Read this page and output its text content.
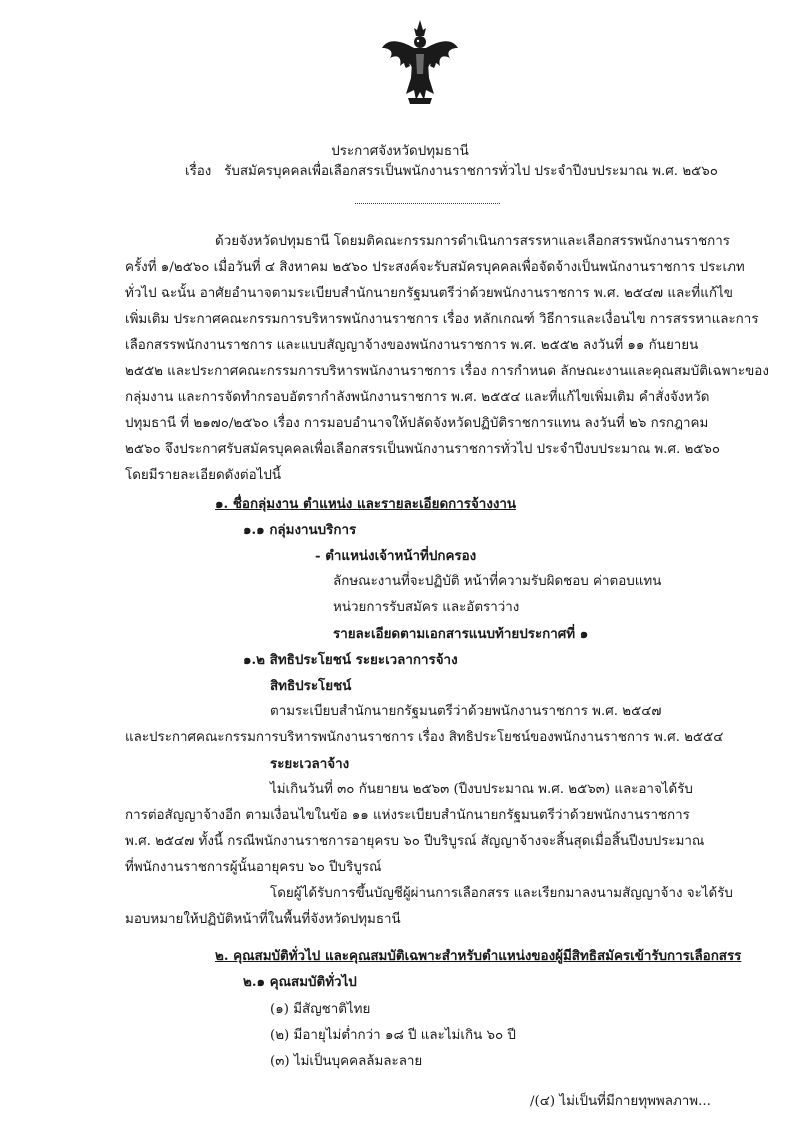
ประกาศจังหวัดปทุมธานี
เรื่อง รับสมัครบุคคลเพื่อเลือกสรรเป็นพนักงานราชการทั่วไป ประจำปีงบประมาณ พ.ศ. ๒๕๖๐
ด้วยจังหวัดปทุมธานี โดยมติคณะกรรมการดำเนินการสรรหาและเลือกสรรพนักงานราชการ
ครั้งที่ ๑/๒๕๖๐ เมื่อวันที่ ๔ สิงหาคม ๒๕๖๐ ประสงค์จะรับสมัครบุคคลเพื่อจัดจ้างเป็นพนักงานราชการ ประเภท
ทั่วไป ฉะนั้น อาศัยอำนาจตามระเบียบสำนักนายกรัฐมนตรีว่าด้วยพนักงานราชการ พ.ศ. ๒๕๔๗ และที่แก้ไข
เพิ่มเติม ประกาศคณะกรรมการบริหารพนักงานราชการ เรื่อง หลักเกณฑ์ วิธีการและเงื่อนไข การสรรหาและการ
เลือกสรรพนักงานราชการ และแบบสัญญาจ้างของพนักงานราชการ พ.ศ. ๒๕๕๒ ลงวันที่ ๑๑ กันยายน
๒๕๕๒ และประกาศคณะกรรมการบริหารพนักงานราชการ เรื่อง การกำหนด ลักษณะงานและคุณสมบัติเฉพาะของ
กลุ่มงาน และการจัดทำกรอบอัตรากำลังพนักงานราชการ พ.ศ. ๒๕๕๔ และที่แก้ไขเพิ่มเติม คำสั่งจังหวัด
ปทุมธานี ที่ ๒๑๗๐/๒๕๖๐ เรื่อง การมอบอำนาจให้ปลัดจังหวัดปฏิบัติราชการแทน ลงวันที่ ๒๖ กรกฎาคม
๒๕๖๐ จึงประกาศรับสมัครบุคคลเพื่อเลือกสรรเป็นพนักงานราชการทั่วไป ประจำปีงบประมาณ พ.ศ. ๒๕๖๐
โดยมีรายละเอียดดังต่อไปนี้
๑. ชื่อกลุ่มงาน ตำแหน่ง และรายละเอียดการจ้างงาน
๑.๑ กลุ่มงานบริการ
- ตำแหน่งเจ้าหน้าที่ปกครอง
ลักษณะงานที่จะปฏิบัติ หน้าที่ความรับผิดชอบ ค่าตอบแทน
หน่วยการรับสมัคร และอัตราว่าง
รายละเอียดตามเอกสารแนบท้ายประกาศที่ ๑
๑.๒ สิทธิประโยชน์ ระยะเวลาการจ้าง
สิทธิประโยชน์
ตามระเบียบสำนักนายกรัฐมนตรีว่าด้วยพนักงานราชการ พ.ศ. ๒๕๔๗
และประกาศคณะกรรมการบริหารพนักงานราชการ เรื่อง สิทธิประโยชน์ของพนักงานราชการ พ.ศ. ๒๕๕๔
ระยะเวลาจ้าง
ไม่เกินวันที่ ๓๐ กันยายน ๒๕๖๓ (ปีงบประมาณ พ.ศ. ๒๕๖๓) และอาจได้รับ
การต่อสัญญาจ้างอีก ตามเงื่อนไขในข้อ ๑๑ แห่งระเบียบสำนักนายกรัฐมนตรีว่าด้วยพนักงานราชการ
พ.ศ. ๒๕๔๗ ทั้งนี้ กรณีพนักงานราชการอายุครบ ๖๐ ปีบริบูรณ์ สัญญาจ้างจะสิ้นสุดเมื่อสิ้นปีงบประมาณ
ที่พนักงานราชการผู้นั้นอายุครบ ๖๐ ปีบริบูรณ์
โดยผู้ได้รับการขึ้นบัญชีผู้ผ่านการเลือกสรร และเรียกมาลงนามสัญญาจ้าง จะได้รับ
มอบหมายให้ปฏิบัติหน้าที่ในพื้นที่จังหวัดปทุมธานี
๒. คุณสมบัติทั่วไป และคุณสมบัติเฉพาะสำหรับตำแหน่งของผู้มีสิทธิสมัครเข้ารับการเลือกสรร
๒.๑ คุณสมบัติทั่วไป
(๑) มีสัญชาติไทย
(๒) มีอายุไม่ต่ำกว่า ๑๘ ปี และไม่เกิน ๖๐ ปี
(๓) ไม่เป็นบุคคลล้มละลาย
/(๔) ไม่เป็นที่มีกายทุพพลภาพ...
